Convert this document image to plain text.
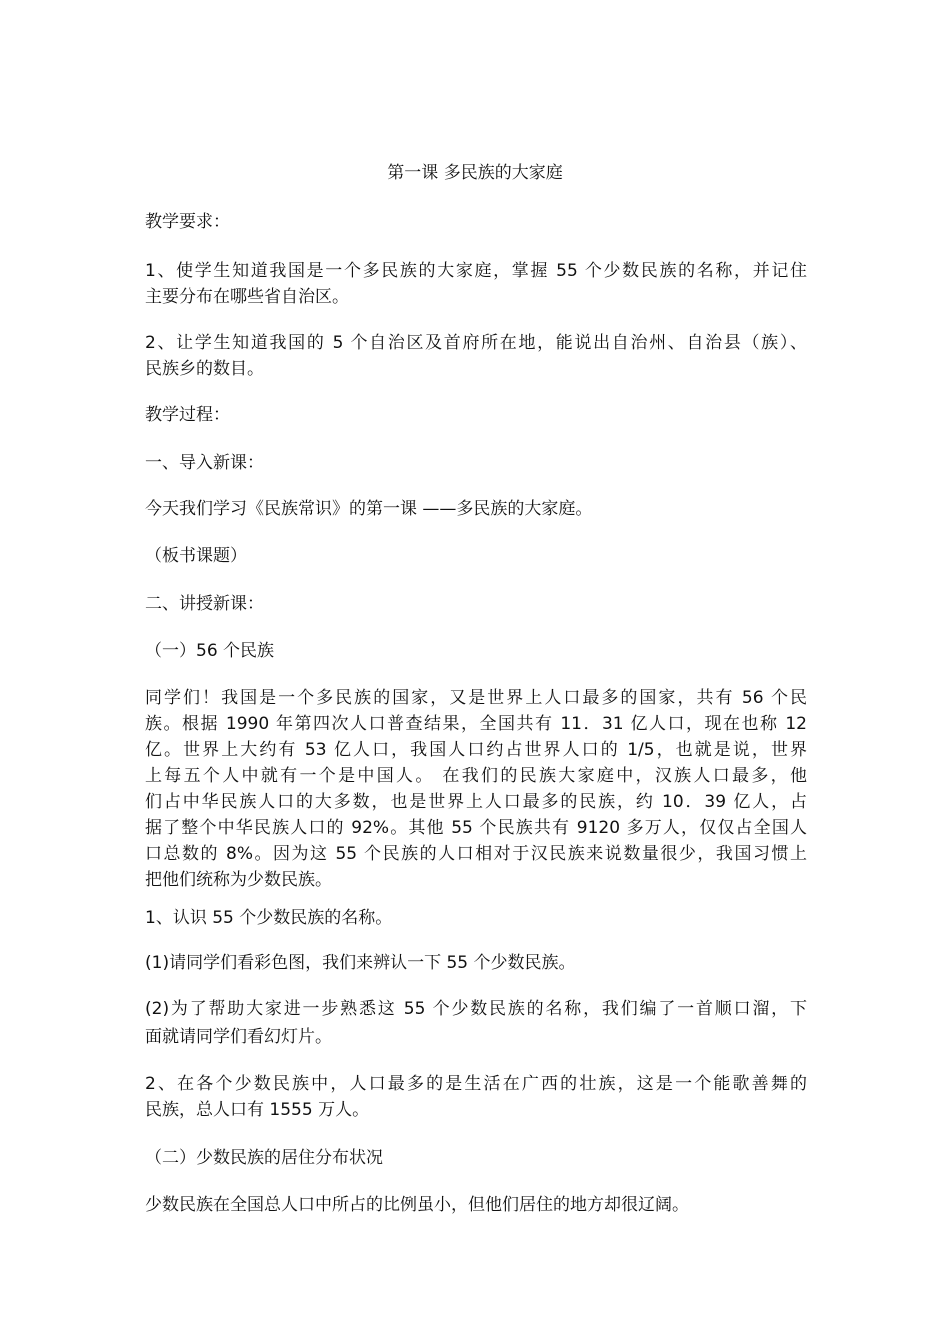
第一课 多民族的大家庭

教学要求：

1、使学生知道我国是一个多民族的大家庭，掌握 55 个少数民族的名称，并记住
主要分布在哪些省自治区。

2、让学生知道我国的 5 个自治区及首府所在地，能说出自治州、自治县（族）、
民族乡的数目。

教学过程：

一、导入新课：

今天我们学习《民族常识》的第一课 ——多民族的大家庭。

（板书课题）

二、讲授新课：

（一）56 个民族

同学们！我国是一个多民族的国家，又是世界上人口最多的国家，共有 56 个民
族。根据 1990 年第四次人口普查结果，全国共有 11．31 亿人口，现在也称 12
亿。世界上大约有 53 亿人口，我国人口约占世界人口的 1/5，也就是说，世界
上每五个人中就有一个是中国人。 在我们的民族大家庭中，汉族人口最多，他
们占中华民族人口的大多数，也是世界上人口最多的民族，约 10．39 亿人，占
据了整个中华民族人口的 92%。其他 55 个民族共有 9120 多万人，仅仅占全国人
口总数的 8%。因为这 55 个民族的人口相对于汉民族来说数量很少，我国习惯上
把他们统称为少数民族。

1、认识 55 个少数民族的名称。

(1)请同学们看彩色图，我们来辨认一下 55 个少数民族。

(2)为了帮助大家进一步熟悉这 55 个少数民族的名称，我们编了一首顺口溜，下
面就请同学们看幻灯片。

2、在各个少数民族中，人口最多的是生活在广西的壮族，这是一个能歌善舞的
民族，总人口有 1555 万人。

（二）少数民族的居住分布状况

少数民族在全国总人口中所占的比例虽小，但他们居住的地方却很辽阔。
